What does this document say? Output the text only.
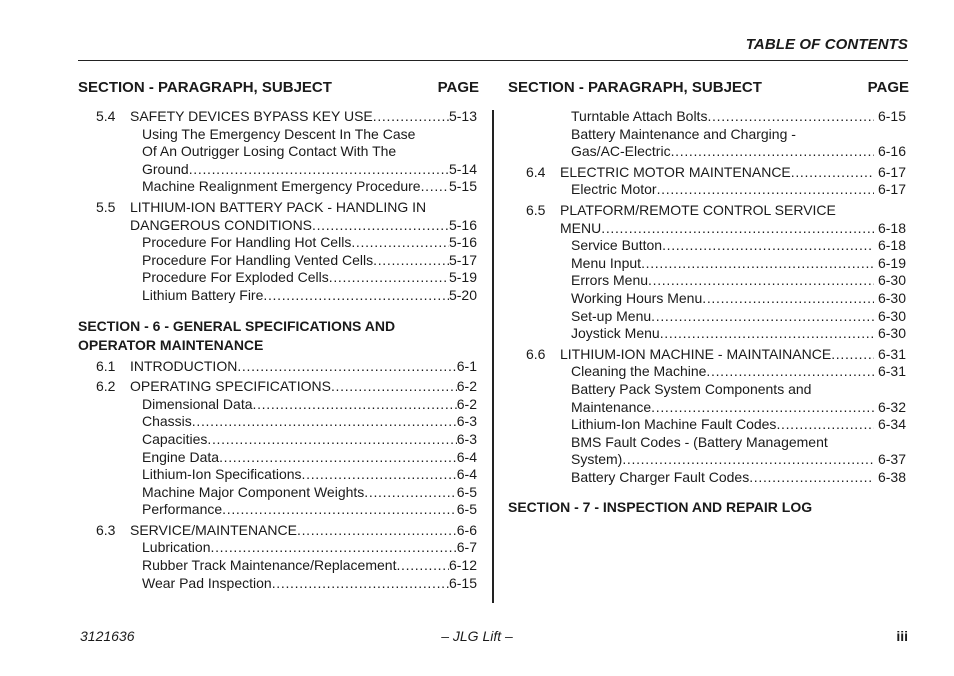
TABLE OF CONTENTS
SECTION - PARAGRAPH, SUBJECT	PAGE SECTION - PARAGRAPH, SUBJECT	PAGE
5.4	SAFETY DEVICES BYPASS KEY USE . . .	5-13
Using The Emergency Descent In The Case
Of An Outrigger Losing Contact With The
Ground . . .	5-14
Machine Realignment Emergency Procedure . . . 5-15
5.5	LITHIUM-ION BATTERY PACK - HANDLING IN
DANGEROUS CONDITIONS . . .	5-16
Procedure For Handling Hot Cells . . .	5-16
Procedure For Handling Vented Cells . . .	5-17
Procedure For Exploded Cells . . .	5-19
Lithium Battery Fire . . .	5-20
SECTION - 6 - GENERAL SPECIFICATIONS AND OPERATOR MAINTENANCE
6.1	INTRODUCTION . . .	6-1
6.2	OPERATING SPECIFICATIONS . . .	6-2
Dimensional Data . . .	6-2
Chassis . . .	6-3
Capacities . . .	6-3
Engine Data . . .	6-4
Lithium-Ion Specifications . . .	6-4
Machine Major Component Weights . . .	6-5
Performance . . .	6-5
6.3	SERVICE/MAINTENANCE . . .	6-6
Lubrication . . .	6-7
Rubber Track Maintenance/Replacement . . .	6-12
Wear Pad Inspection . . .	6-15
Turntable Attach Bolts . . .	6-15
Battery Maintenance and Charging -
Gas/AC-Electric . . .	6-16
6.4	ELECTRIC MOTOR MAINTENANCE . . .	6-17
Electric Motor . . .	6-17
6.5	PLATFORM/REMOTE CONTROL SERVICE
MENU . . .	6-18
Service Button . . .	6-18
Menu Input . . .	6-19
Errors Menu . . .	6-30
Working Hours Menu . . .	6-30
Set-up Menu . . .	6-30
Joystick Menu . . .	6-30
6.6	LITHIUM-ION MACHINE - MAINTAINANCE . . .	6-31
Cleaning the Machine . . .	6-31
Battery Pack System Components and
Maintenance . . .	6-32
Lithium-Ion Machine Fault Codes . . .	6-34
BMS Fault Codes - (Battery Management
System) . . .	6-37
Battery Charger Fault Codes . . .	6-38
SECTION - 7 - INSPECTION AND REPAIR LOG
3121636	– JLG Lift –	iii
